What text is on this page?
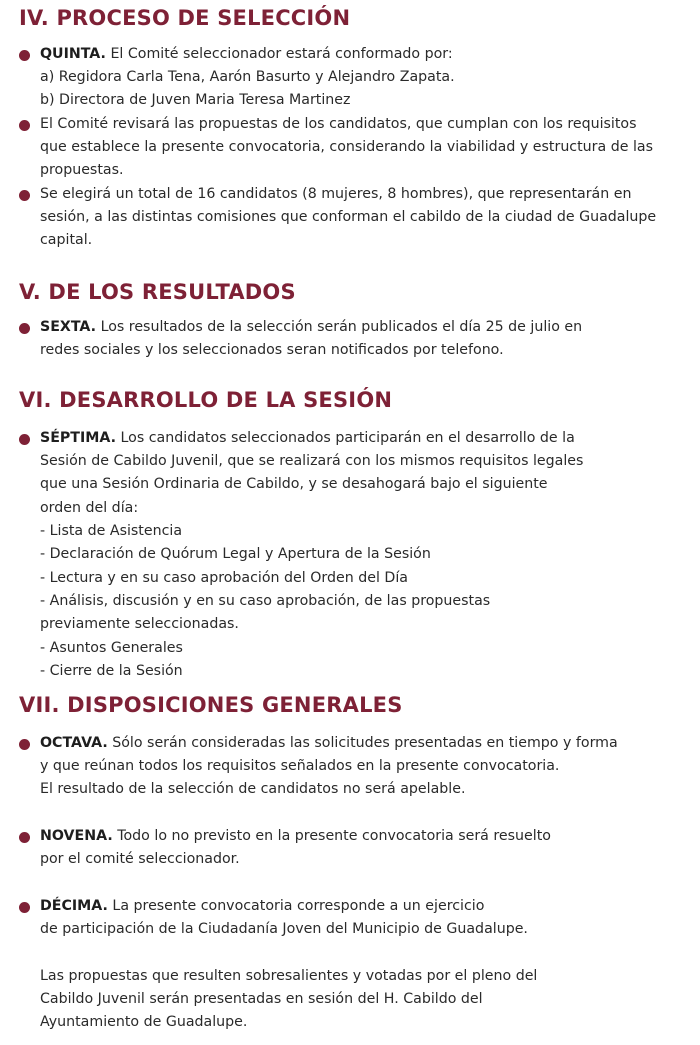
IV. PROCESO DE SELECCIÓN

QUINTA. El Comité seleccionador estará conformado por:

a) Regidora Carla Tena, Aarón Basurto y Alejandro Zapata.

b) Directora de Juven Maria Teresa Martinez

El Comité revisará las propuestas de los candidatos, que cumplan con los requisitos

que establece la presente convocatoria, considerando la viabilidad y estructura de las

propuestas.

Se elegirá un total de 16 candidatos (8 mujeres, 8 hombres), que representarán en

sesión, a las distintas comisiones que conforman el cabildo de la ciudad de Guadalupe

capital.

V. DE LOS RESULTADOS

SEXTA. Los resultados de la selección serán publicados el día 25 de julio en

redes sociales y los seleccionados seran notificados por telefono.

VI. DESARROLLO DE LA SESIÓN

SÉPTIMA. Los candidatos seleccionados participarán en el desarrollo de la

Sesión de Cabildo Juvenil, que se realizará con los mismos requisitos legales

que una Sesión Ordinaria de Cabildo, y se desahogará bajo el siguiente

orden del día:

- Lista de Asistencia

- Declaración de Quórum Legal y Apertura de la Sesión

- Lectura y en su caso aprobación del Orden del Día

- Análisis, discusión y en su caso aprobación, de las propuestas

previamente seleccionadas.

- Asuntos Generales

- Cierre de la Sesión

VII. DISPOSICIONES GENERALES

OCTAVA. Sólo serán consideradas las solicitudes presentadas en tiempo y forma

y que reúnan todos los requisitos señalados en la presente convocatoria.

El resultado de la selección de candidatos no será apelable.

NOVENA. Todo lo no previsto en la presente convocatoria será resuelto

por el comité seleccionador.

DÉCIMA. La presente convocatoria corresponde a un ejercicio

de participación de la Ciudadanía Joven del Municipio de Guadalupe.

Las propuestas que resulten sobresalientes y votadas por el pleno del

Cabildo Juvenil serán presentadas en sesión del H. Cabildo del

Ayuntamiento de Guadalupe.
